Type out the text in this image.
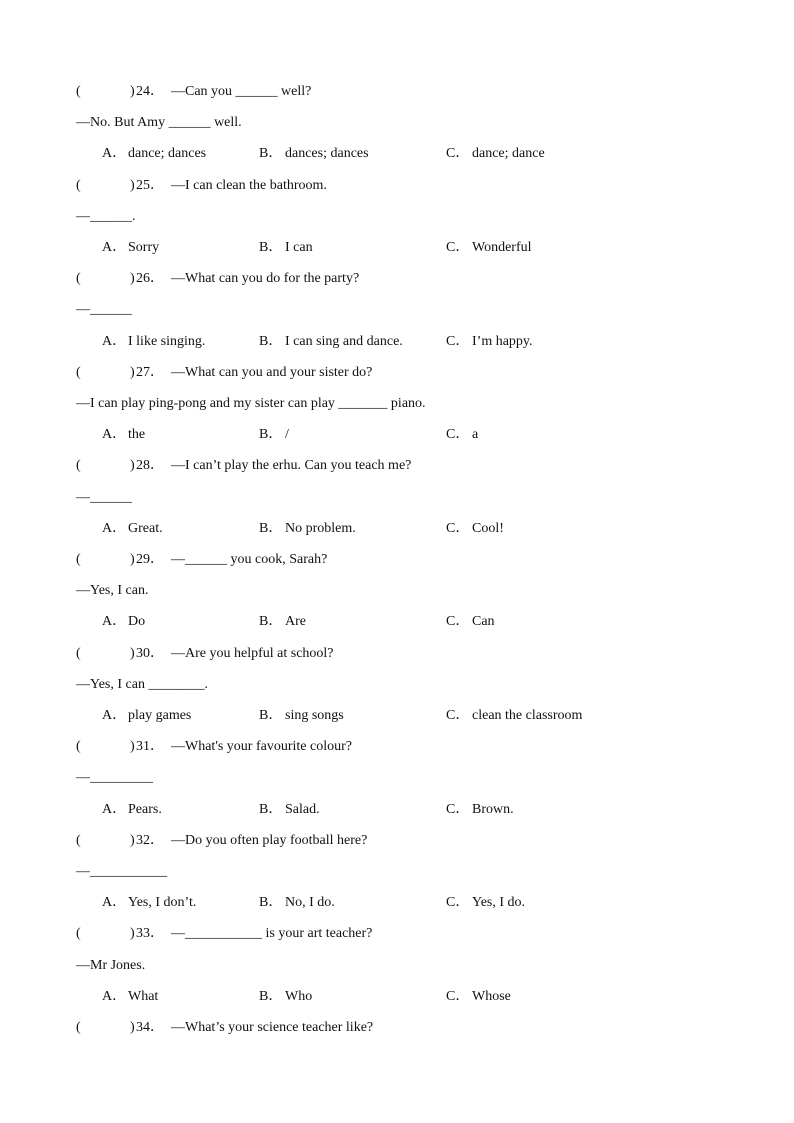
(	) 24． —Can you ______ well?
—No. But Amy ______ well.
A． dance; dances	B． dances; dances	C． dance; dance
(	) 25． —I can clean the bathroom.
—______.
A． Sorry	B． I can	C． Wonderful
(	) 26． —What can you do for the party?
—______
A． I like singing.	B． I can sing and dance.	C． I’m happy.
(	) 27． —What can you and your sister do?
—I can play ping-pong and my sister can play _______ piano.
A． the	B． /	C． a
(	) 28． —I can’t play the erhu. Can you teach me?
—______
A． Great.	B． No problem.	C． Cool!
(	) 29． —______ you cook, Sarah?
—Yes, I can.
A． Do	B． Are	C． Can
(	) 30． —Are you helpful at school?
—Yes, I can ________.
A． play games	B． sing songs	C． clean the classroom
(	) 31． —What's your favourite colour?
—_________
A． Pears.	B． Salad.	C． Brown.
(	) 32． —Do you often play football here?
—___________
A． Yes, I don’t.	B． No, I do.	C． Yes, I do.
(	) 33． —___________ is your art teacher?
—Mr Jones.
A． What	B． Who	C． Whose
(	) 34． —What’s your science teacher like?
